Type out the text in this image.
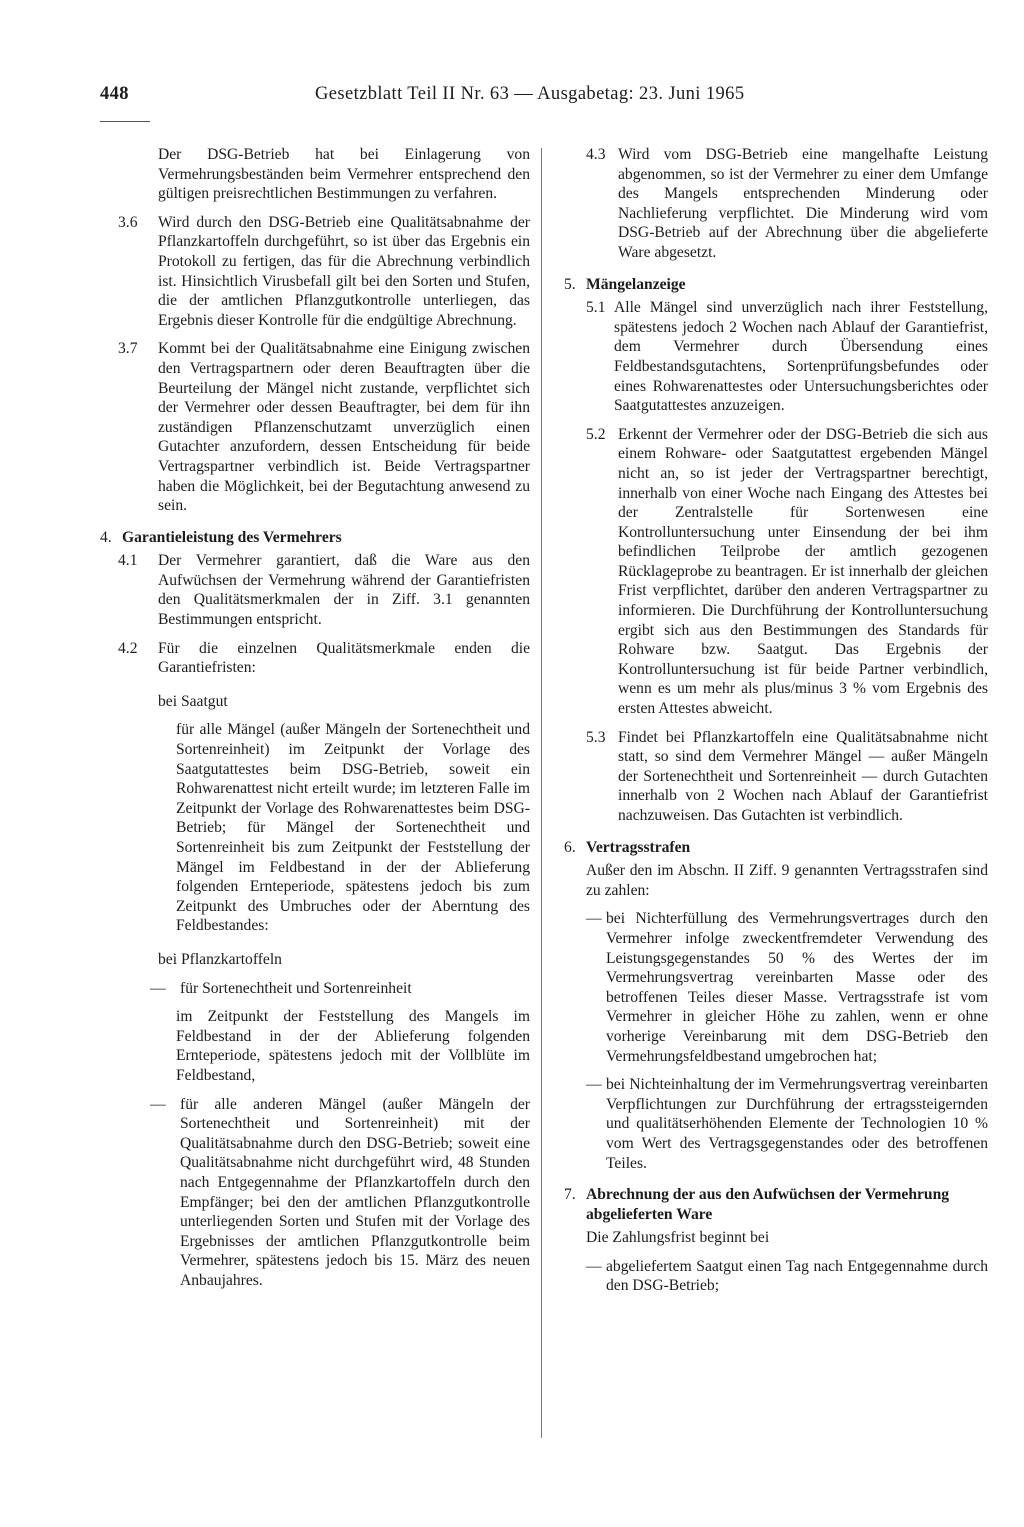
448	Gesetzblatt Teil II Nr. 63 — Ausgabetag: 23. Juni 1965

Der DSG-Betrieb hat bei Einlagerung von Vermehrungsbeständen beim Vermehrer entsprechend den gültigen preisrechtlichen Bestimmungen zu verfahren.

3.6	Wird durch den DSG-Betrieb eine Qualitätsabnahme der Pflanzkartoffeln durchgeführt, so ist über das Ergebnis ein Protokoll zu fertigen, das für die Abrechnung verbindlich ist. Hinsichtlich Virusbefall gilt bei den Sorten und Stufen, die der amtlichen Pflanzgutkontrolle unterliegen, das Ergebnis dieser Kontrolle für die endgültige Abrechnung.
3.7	Kommt bei der Qualitätsabnahme eine Einigung zwischen den Vertragspartnern oder deren Beauftragten über die Beurteilung der Mängel nicht zustande, verpflichtet sich der Vermehrer oder dessen Beauftragter, bei dem für ihn zuständigen Pflanzenschutzamt unverzüglich einen Gutachter anzufordern, dessen Entscheidung für beide Vertragspartner verbindlich ist. Beide Vertragspartner haben die Möglichkeit, bei der Begutachtung anwesend zu sein.
4. Garantieleistung des Vermehrers
4.1	Der Vermehrer garantiert, daß die Ware aus den Aufwüchsen der Vermehrung während der Garantiefristen den Qualitätsmerkmalen der in Ziff. 3.1 genannten Bestimmungen entspricht.
4.2	Für die einzelnen Qualitätsmerkmale enden die Garantiefristen:

bei Saatgut

für alle Mängel (außer Mängeln der Sortenechtheit und Sortenreinheit) im Zeitpunkt der Vorlage des Saatgutattestes beim DSG-Betrieb, soweit ein Rohwarenattest nicht erteilt wurde; im letzteren Falle im Zeitpunkt der Vorlage des Rohwarenattestes beim DSG-Betrieb; für Mängel der Sortenechtheit und Sortenreinheit bis zum Zeitpunkt der Feststellung der Mängel im Feldbestand in der der Ablieferung folgenden Ernteperiode, spätestens jedoch bis zum Zeitpunkt des Umbruches oder der Aberntung des Feldbestandes:

bei Pflanzkartoffeln

— für Sortenechtheit und Sortenreinheit

im Zeitpunkt der Feststellung des Mangels im Feldbestand in der der Ablieferung folgenden Ernteperiode, spätestens jedoch mit der Vollblüte im Feldbestand,

— für alle anderen Mängel (außer Mängeln der Sortenechtheit und Sortenreinheit) mit der Qualitätsabnahme durch den DSG-Betrieb; soweit eine Qualitätsabnahme nicht durchgeführt wird, 48 Stunden nach Entgegennahme der Pflanzkartoffeln durch den Empfänger; bei den der amtlichen Pflanzgutkontrolle unterliegenden Sorten und Stufen mit der Vorlage des Ergebnisses der amtlichen Pflanzgutkontrolle beim Vermehrer, spätestens jedoch bis 15. März des neuen Anbaujahres.
4.3 Wird vom DSG-Betrieb eine mangelhafte Leistung abgenommen, so ist der Vermehrer zu einer dem Umfange des Mangels entsprechenden Minderung oder Nachlieferung verpflichtet. Die Minderung wird vom DSG-Betrieb auf der Abrechnung über die abgelieferte Ware abgesetzt.
5. Mängelanzeige
5.1 Alle Mängel sind unverzüglich nach ihrer Feststellung, spätestens jedoch 2 Wochen nach Ablauf der Garantiefrist, dem Vermehrer durch Übersendung eines Feldbestandsgutachtens, Sortenprüfungsbefundes oder eines Rohwarenattestes oder Untersuchungsberichtes oder Saatgutattestes anzuzeigen.
5.2 Erkennt der Vermehrer oder der DSG-Betrieb die sich aus einem Rohware- oder Saatgutattest ergebenden Mängel nicht an, so ist jeder der Vertragspartner berechtigt, innerhalb von einer Woche nach Eingang des Attestes bei der Zentralstelle für Sortenwesen eine Kontrolluntersuchung unter Einsendung der bei ihm befindlichen Teilprobe der amtlich gezogenen Rücklageprobe zu beantragen. Er ist innerhalb der gleichen Frist verpflichtet, darüber den anderen Vertragspartner zu informieren. Die Durchführung der Kontrolluntersuchung ergibt sich aus den Bestimmungen des Standards für Rohware bzw. Saatgut. Das Ergebnis der Kontrolluntersuchung ist für beide Partner verbindlich, wenn es um mehr als plus/minus 3 % vom Ergebnis des ersten Attestes abweicht.
5.3 Findet bei Pflanzkartoffeln eine Qualitätsabnahme nicht statt, so sind dem Vermehrer Mängel — außer Mängeln der Sortenechtheit und Sortenreinheit — durch Gutachten innerhalb von 2 Wochen nach Ablauf der Garantiefrist nachzuweisen. Das Gutachten ist verbindlich.
6. Vertragsstrafen

Außer den im Abschn. II Ziff. 9 genannten Vertragsstrafen sind zu zahlen:

— bei Nichterfüllung des Vermehrungsvertrages durch den Vermehrer infolge zweckentfremdeter Verwendung des Leistungsgegenstandes 50 % des Wertes der im Vermehrungsvertrag vereinbarten Masse oder des betroffenen Teiles dieser Masse. Vertragsstrafe ist vom Vermehrer in gleicher Höhe zu zahlen, wenn er ohne vorherige Vereinbarung mit dem DSG-Betrieb den Vermehrungsfeldbestand umgebrochen hat;
— bei Nichteinhaltung der im Vermehrungsvertrag vereinbarten Verpflichtungen zur Durchführung der ertragssteigernden und qualitätserhöhenden Elemente der Technologien 10 % vom Wert des Vertragsgegenstandes oder des betroffenen Teiles.
7. Abrechnung der aus den Aufwüchsen der Vermehrung abgelieferten Ware

Die Zahlungsfrist beginnt bei

— abgeliefertem Saatgut einen Tag nach Entgegennahme durch den DSG-Betrieb;
